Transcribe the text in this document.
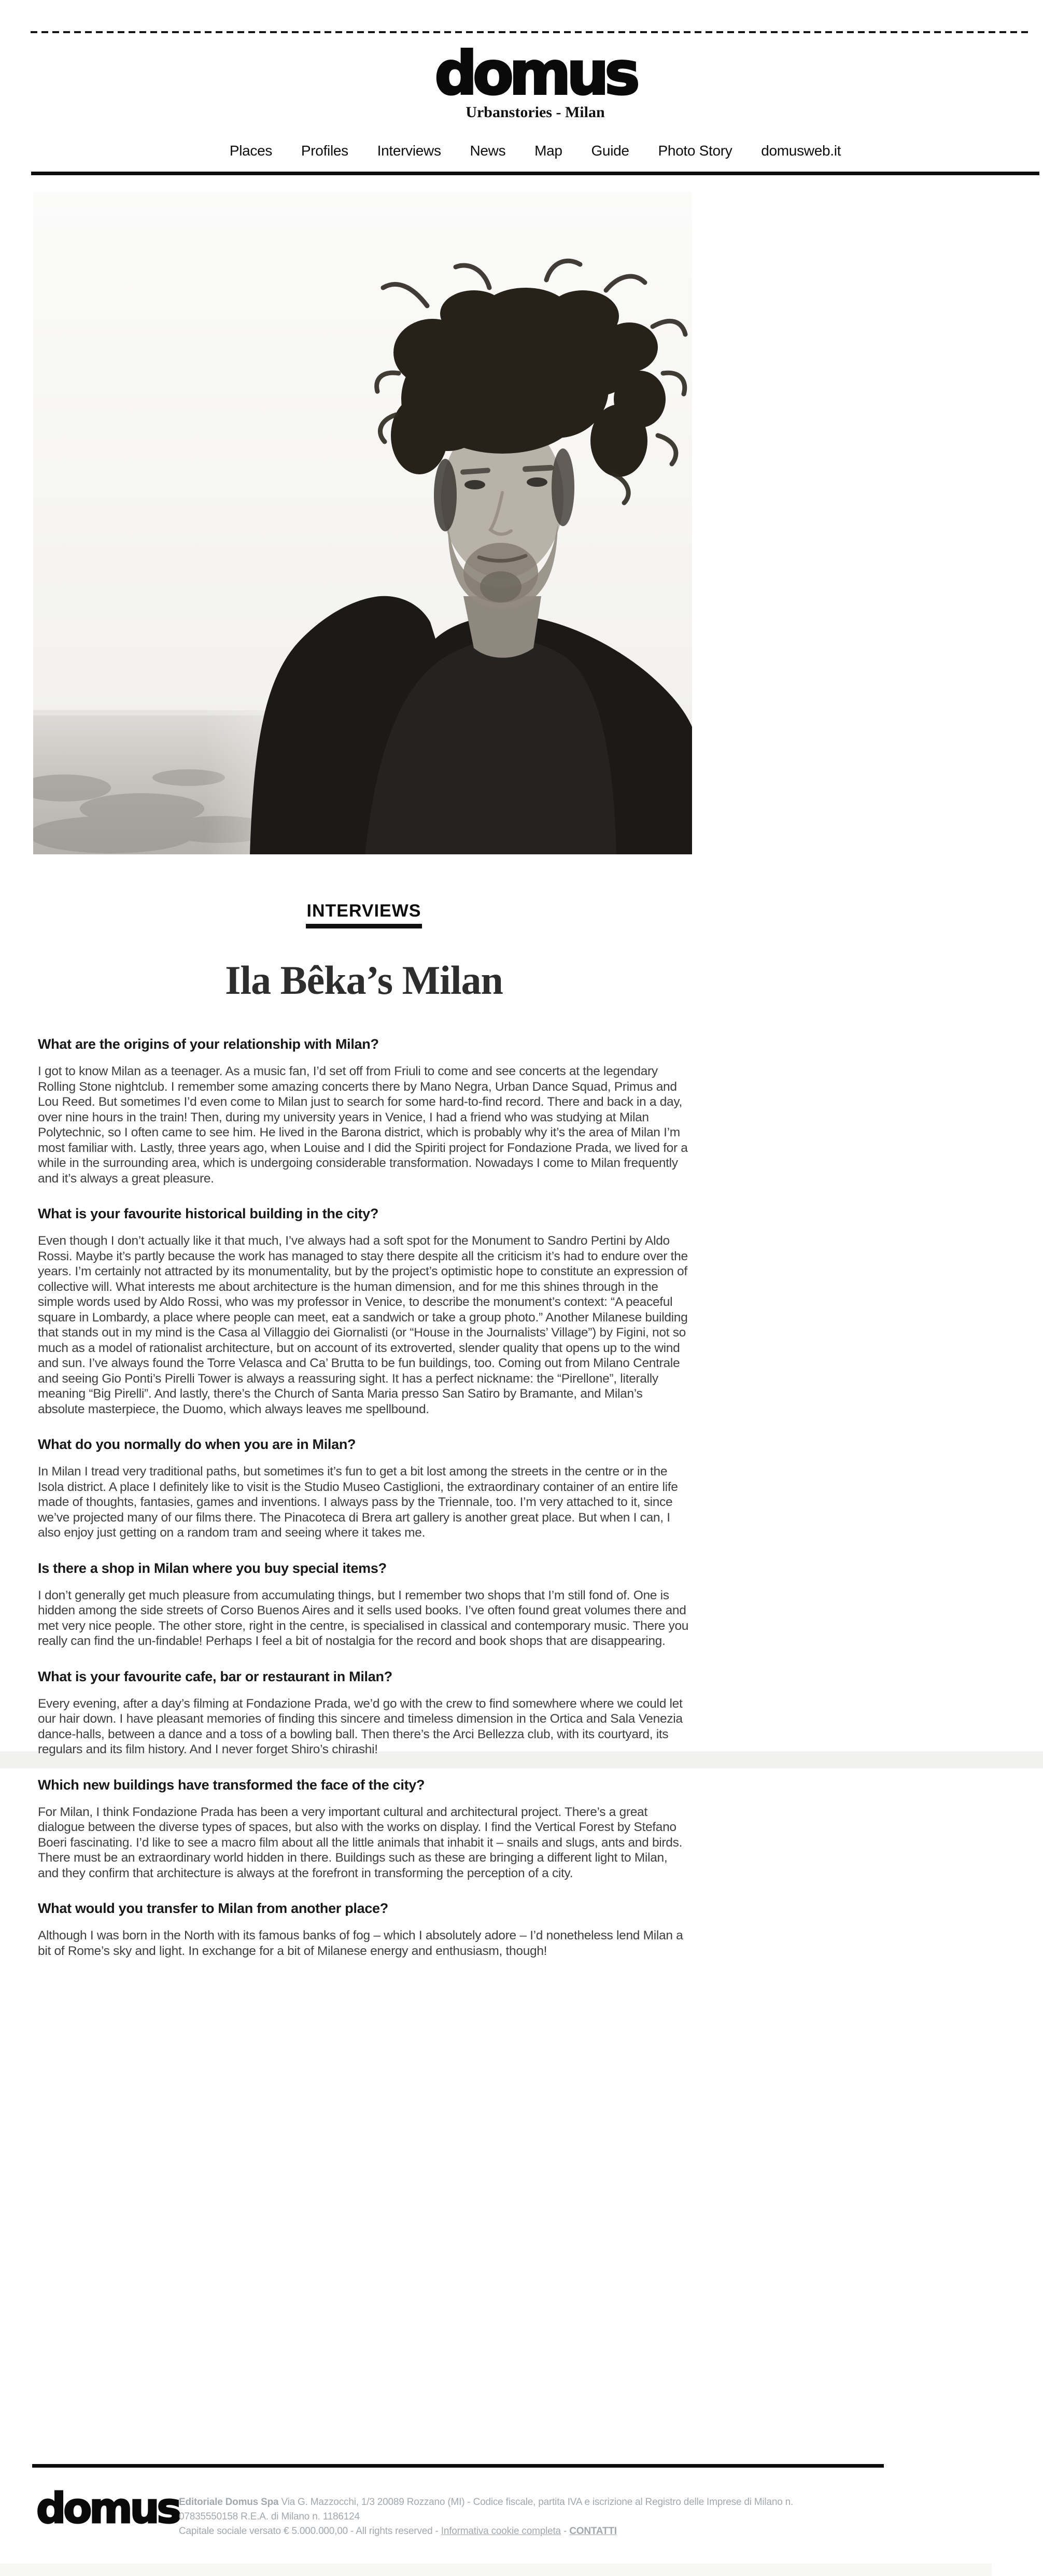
domus
Urbanstories - Milan
Places Profiles Interviews News Map Guide Photo Story domusweb.it
INTERVIEWS
Ila Bêka’s Milan
What are the origins of your relationship with Milan?

I got to know Milan as a teenager. As a music fan, I’d set off from Friuli to come and see concerts at the legendary Rolling Stone nightclub. I remember some amazing concerts there by Mano Negra, Urban Dance Squad, Primus and Lou Reed. But sometimes I’d even come to Milan just to search for some hard-to-find record. There and back in a day, over nine hours in the train! Then, during my university years in Venice, I had a friend who was studying at Milan Polytechnic, so I often came to see him. He lived in the Barona district, which is probably why it’s the area of Milan I’m most familiar with. Lastly, three years ago, when Louise and I did the Spiriti project for Fondazione Prada, we lived for a while in the surrounding area, which is undergoing considerable transformation. Nowadays I come to Milan frequently and it’s always a great pleasure.

What is your favourite historical building in the city?

Even though I don’t actually like it that much, I’ve always had a soft spot for the Monument to Sandro Pertini by Aldo Rossi. Maybe it’s partly because the work has managed to stay there despite all the criticism it’s had to endure over the years. I’m certainly not attracted by its monumentality, but by the project’s optimistic hope to constitute an expression of collective will. What interests me about architecture is the human dimension, and for me this shines through in the simple words used by Aldo Rossi, who was my professor in Venice, to describe the monument’s context: “A peaceful square in Lombardy, a place where people can meet, eat a sandwich or take a group photo.” Another Milanese building that stands out in my mind is the Casa al Villaggio dei Giornalisti (or “House in the Journalists’ Village”) by Figini, not so much as a model of rationalist architecture, but on account of its extroverted, slender quality that opens up to the wind and sun. I’ve always found the Torre Velasca and Ca’ Brutta to be fun buildings, too. Coming out from Milano Centrale and seeing Gio Ponti’s Pirelli Tower is always a reassuring sight. It has a perfect nickname: the “Pirellone”, literally meaning “Big Pirelli”. And lastly, there’s the Church of Santa Maria presso San Satiro by Bramante, and Milan’s absolute masterpiece, the Duomo, which always leaves me spellbound.

What do you normally do when you are in Milan?

In Milan I tread very traditional paths, but sometimes it’s fun to get a bit lost among the streets in the centre or in the Isola district. A place I definitely like to visit is the Studio Museo Castiglioni, the extraordinary container of an entire life made of thoughts, fantasies, games and inventions. I always pass by the Triennale, too. I’m very attached to it, since we’ve projected many of our films there. The Pinacoteca di Brera art gallery is another great place. But when I can, I also enjoy just getting on a random tram and seeing where it takes me.

Is there a shop in Milan where you buy special items?

I don’t generally get much pleasure from accumulating things, but I remember two shops that I’m still fond of. One is hidden among the side streets of Corso Buenos Aires and it sells used books. I’ve often found great volumes there and met very nice people. The other store, right in the centre, is specialised in classical and contemporary music. There you really can find the un-findable! Perhaps I feel a bit of nostalgia for the record and book shops that are disappearing.

What is your favourite cafe, bar or restaurant in Milan?

Every evening, after a day’s filming at Fondazione Prada, we’d go with the crew to find somewhere where we could let our hair down. I have pleasant memories of finding this sincere and timeless dimension in the Ortica and Sala Venezia dance-halls, between a dance and a toss of a bowling ball. Then there’s the Arci Bellezza club, with its courtyard, its regulars and its film history. And I never forget Shiro’s chirashi!

Which new buildings have transformed the face of the city?

For Milan, I think Fondazione Prada has been a very important cultural and architectural project. There’s a great dialogue between the diverse types of spaces, but also with the works on display. I find the Vertical Forest by Stefano Boeri fascinating. I’d like to see a macro film about all the little animals that inhabit it – snails and slugs, ants and birds. There must be an extraordinary world hidden in there. Buildings such as these are bringing a different light to Milan, and they confirm that architecture is always at the forefront in transforming the perception of a city.

What would you transfer to Milan from another place?

Although I was born in the North with its famous banks of fog – which I absolutely adore – I’d nonetheless lend Milan a bit of Rome’s sky and light. In exchange for a bit of Milanese energy and enthusiasm, though!

domus Editoriale Domus Spa Via G. Mazzocchi, 1/3 20089 Rozzano (MI) - Codice fiscale, partita IVA e iscrizione al Registro delle Imprese di Milano n.
07835550158 R.E.A. di Milano n. 1186124
Capitale sociale versato € 5.000.000,00 - All rights reserved - Informativa cookie completa - CONTATTI
